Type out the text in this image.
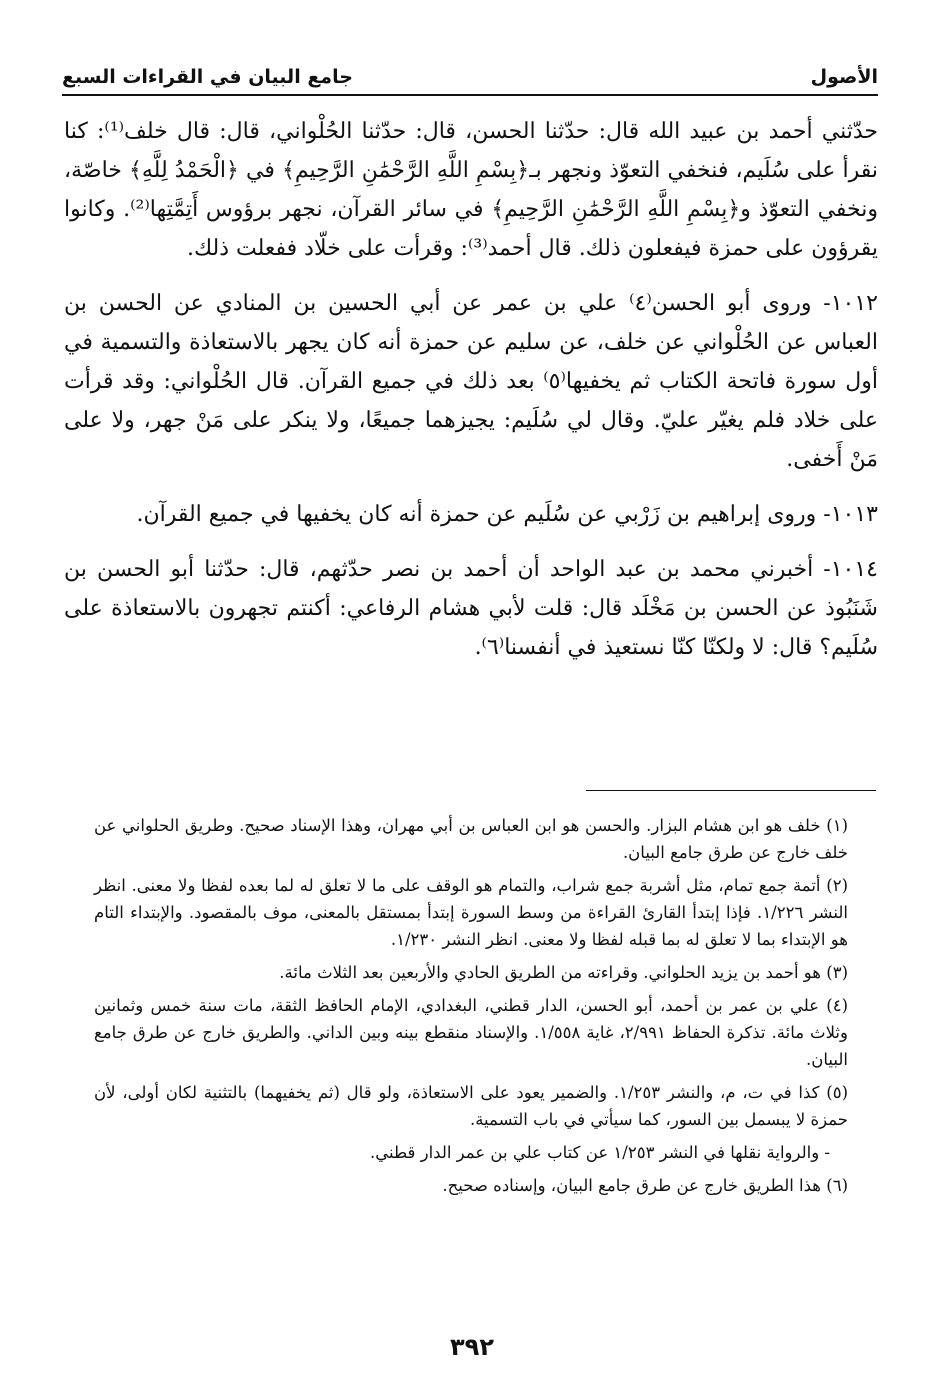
الأصول
جامع البيان في القراءات السبع

حدّثني أحمد بن عبيد الله قال: حدّثنا الحسن، قال: حدّثنا الحُلْواني، قال: قال خلف⁽¹⁾: كنا نقرأ على سُلَيم، فنخفي التعوّذ ونجهر بـ﴿بِسْمِ اللَّهِ الرَّحْمَٰنِ الرَّحِيمِ﴾ في ﴿الْحَمْدُ لِلَّهِ﴾ خاصّة، ونخفي التعوّذ و﴿بِسْمِ اللَّهِ الرَّحْمَٰنِ الرَّحِيمِ﴾ في سائر القرآن، نجهر برؤوس أَتِمَّتِها⁽²⁾. وكانوا يقرؤون على حمزة فيفعلون ذلك. قال أحمد⁽³⁾: وقرأت على خلّاد ففعلت ذلك.

١٠١٢- وروى أبو الحسن⁽٤⁾ علي بن عمر عن أبي الحسين بن المنادي عن الحسن بن العباس عن الحُلْواني عن خلف، عن سليم عن حمزة أنه كان يجهر بالاستعاذة والتسمية في أول سورة فاتحة الكتاب ثم يخفيها⁽٥⁾ بعد ذلك في جميع القرآن. قال الحُلْواني: وقد قرأت على خلاد فلم يغيّر عليّ. وقال لي سُلَيم: يجيزهما جميعًا، ولا ينكر على مَنْ جهر، ولا على مَنْ أَخفى.

١٠١٣- وروى إبراهيم بن زَرْبي عن سُلَيم عن حمزة أنه كان يخفيها في جميع القرآن.

١٠١٤- أخبرني محمد بن عبد الواحد أن أحمد بن نصر حدّثهم، قال: حدّثنا أبو الحسن بن شَنَبُوذ عن الحسن بن مَخْلَد قال: قلت لأبي هشام الرفاعي: أكنتم تجهرون بالاستعاذة على سُلَيم؟ قال: لا ولكنّا كنّا نستعيذ في أنفسنا⁽٦⁾.

(١) خلف هو ابن هشام البزار. والحسن هو ابن العباس بن أبي مهران، وهذا الإسناد صحيح. وطريق الحلواني عن خلف خارج عن طرق جامع البيان.

(٢) أتمة جمع تمام، مثل أشربة جمع شراب، والتمام هو الوقف على ما لا تعلق له لما بعده لفظا ولا معنى. انظر النشر ١/٢٢٦. فإذا إبتدأ القارئ القراءة من وسط السورة إبتدأ بمستقل بالمعنى، موف بالمقصود. والإبتداء التام هو الإبتداء بما لا تعلق له بما قبله لفظا ولا معنى. انظر النشر ١/٢٣٠.

(٣) هو أحمد بن يزيد الحلواني. وقراءته من الطريق الحادي والأربعين بعد الثلاث مائة.

(٤) علي بن عمر بن أحمد، أبو الحسن، الدار قطني، البغدادي، الإمام الحافظ الثقة، مات سنة خمس وثمانين وثلاث مائة. تذكرة الحفاظ ٢/٩٩١، غاية ١/٥٥٨. والإسناد منقطع بينه وبين الداني. والطريق خارج عن طرق جامع البيان.

(٥) كذا في ت، م، والنشر ١/٢٥٣. والضمير يعود على الاستعاذة، ولو قال (ثم يخفيهما) بالتثنية لكان أولى، لأن حمزة لا يبسمل بين السور، كما سيأتي في باب التسمية.

- والرواية نقلها في النشر ١/٢٥٣ عن كتاب علي بن عمر الدار قطني.

(٦) هذا الطريق خارج عن طرق جامع البيان، وإسناده صحيح.

٣٩٢
